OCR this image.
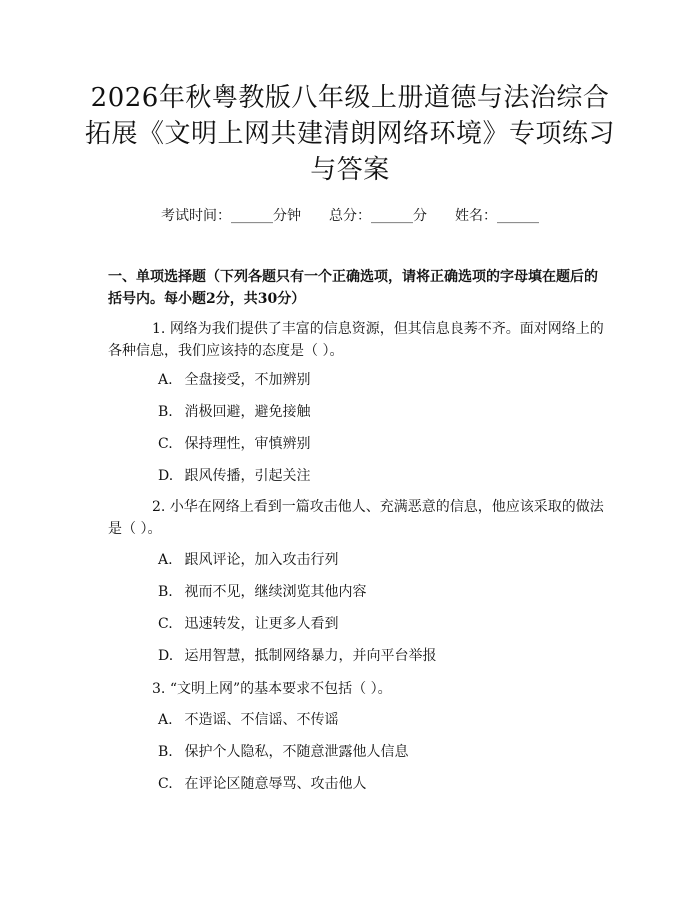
2026年秋粤教版八年级上册道德与法治综合拓展《文明上网共建清朗网络环境》专项练习与答案
考试时间：______分钟　　总分：______分　　姓名：______
一、单项选择题（下列各题只有一个正确选项，请将正确选项的字母填在题后的括号内。每小题2分，共30分）

1. 网络为我们提供了丰富的信息资源，但其信息良莠不齐。面对网络上的各种信息，我们应该持的态度是（ ）。

A. 全盘接受，不加辨别

B. 消极回避，避免接触

C. 保持理性，审慎辨别

D. 跟风传播，引起关注

2. 小华在网络上看到一篇攻击他人、充满恶意的信息，他应该采取的做法是（ ）。

A. 跟风评论，加入攻击行列

B. 视而不见，继续浏览其他内容

C. 迅速转发，让更多人看到

D. 运用智慧，抵制网络暴力，并向平台举报

3. “文明上网”的基本要求不包括（ ）。

A. 不造谣、不信谣、不传谣

B. 保护个人隐私，不随意泄露他人信息

C. 在评论区随意辱骂、攻击他人
